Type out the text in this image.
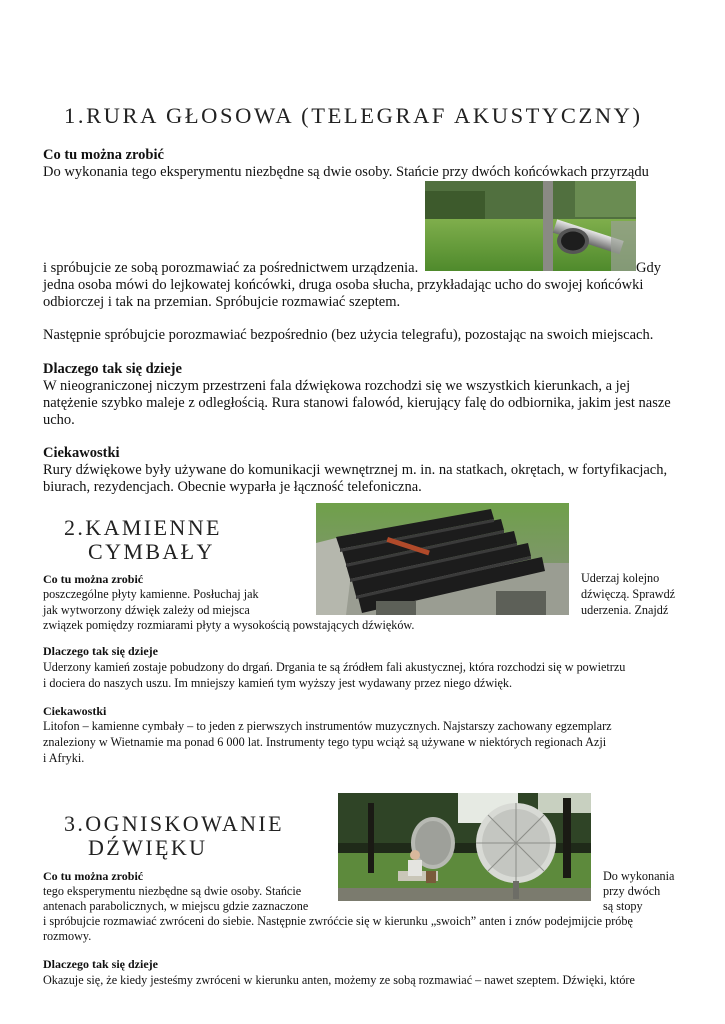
1.RURA GŁOSOWA (TELEGRAF AKUSTYCZNY)
Co tu można zrobić
Do wykonania tego eksperymentu niezbędne są dwie osoby. Stańcie przy dwóch końcówkach przyrządu
i spróbujcie ze sobą porozmawiać za pośrednictwem urządzenia.	Gdy
jedna osoba mówi do lejkowatej końcówki, druga osoba słucha, przykładając ucho do swojej końcówki
odbiorczej i tak na przemian. Spróbujcie rozmawiać szeptem.
Następnie spróbujcie porozmawiać bezpośrednio (bez użycia telegrafu), pozostając na swoich miejscach.
Dlaczego tak się dzieje
W nieograniczonej niczym przestrzeni fala dźwiękowa rozchodzi się we wszystkich kierunkach, a jej
natężenie szybko maleje z odległością. Rura stanowi falowód, kierujący falę do odbiornika, jakim jest nasze
ucho.
Ciekawostki
Rury dźwiękowe były używane do komunikacji wewnętrznej m. in. na statkach, okrętach, w fortyfikacjach,
biurach, rezydencjach. Obecnie wyparła je łączność telefoniczna.
2.KAMIENNE
CYMBAŁY
Co tu można zrobić
poszczególne płyty kamienne. Posłuchaj jak
jak wytworzony dźwięk zależy od miejsca
Uderzaj kolejno
dźwięczą. Sprawdź
uderzenia. Znajdź
związek pomiędzy rozmiarami płyty a wysokością powstających dźwięków.
Dlaczego tak się dzieje
Uderzony kamień zostaje pobudzony do drgań. Drgania te są źródłem fali akustycznej, która rozchodzi się w powietrzu
i dociera do naszych uszu. Im mniejszy kamień tym wyższy jest wydawany przez niego dźwięk.
Ciekawostki
Litofon – kamienne cymbały – to jeden z pierwszych instrumentów muzycznych. Najstarszy zachowany egzemplarz
znaleziony w Wietnamie ma ponad 6 000 lat. Instrumenty tego typu wciąż są używane w niektórych regionach Azji
i Afryki.
3.OGNISKOWANIE
DŹWIĘKU
Co tu można zrobić
tego eksperymentu niezbędne są dwie osoby. Stańcie
antenach parabolicznych, w miejscu gdzie zaznaczone
Do wykonania
przy dwóch
są stopy
i spróbujcie rozmawiać zwróceni do siebie. Następnie zwróćcie się w kierunku „swoich” anten i znów podejmijcie próbę
rozmowy.
Dlaczego tak się dzieje
Okazuje się, że kiedy jesteśmy zwróceni w kierunku anten, możemy ze sobą rozmawiać – nawet szeptem. Dźwięki, które
